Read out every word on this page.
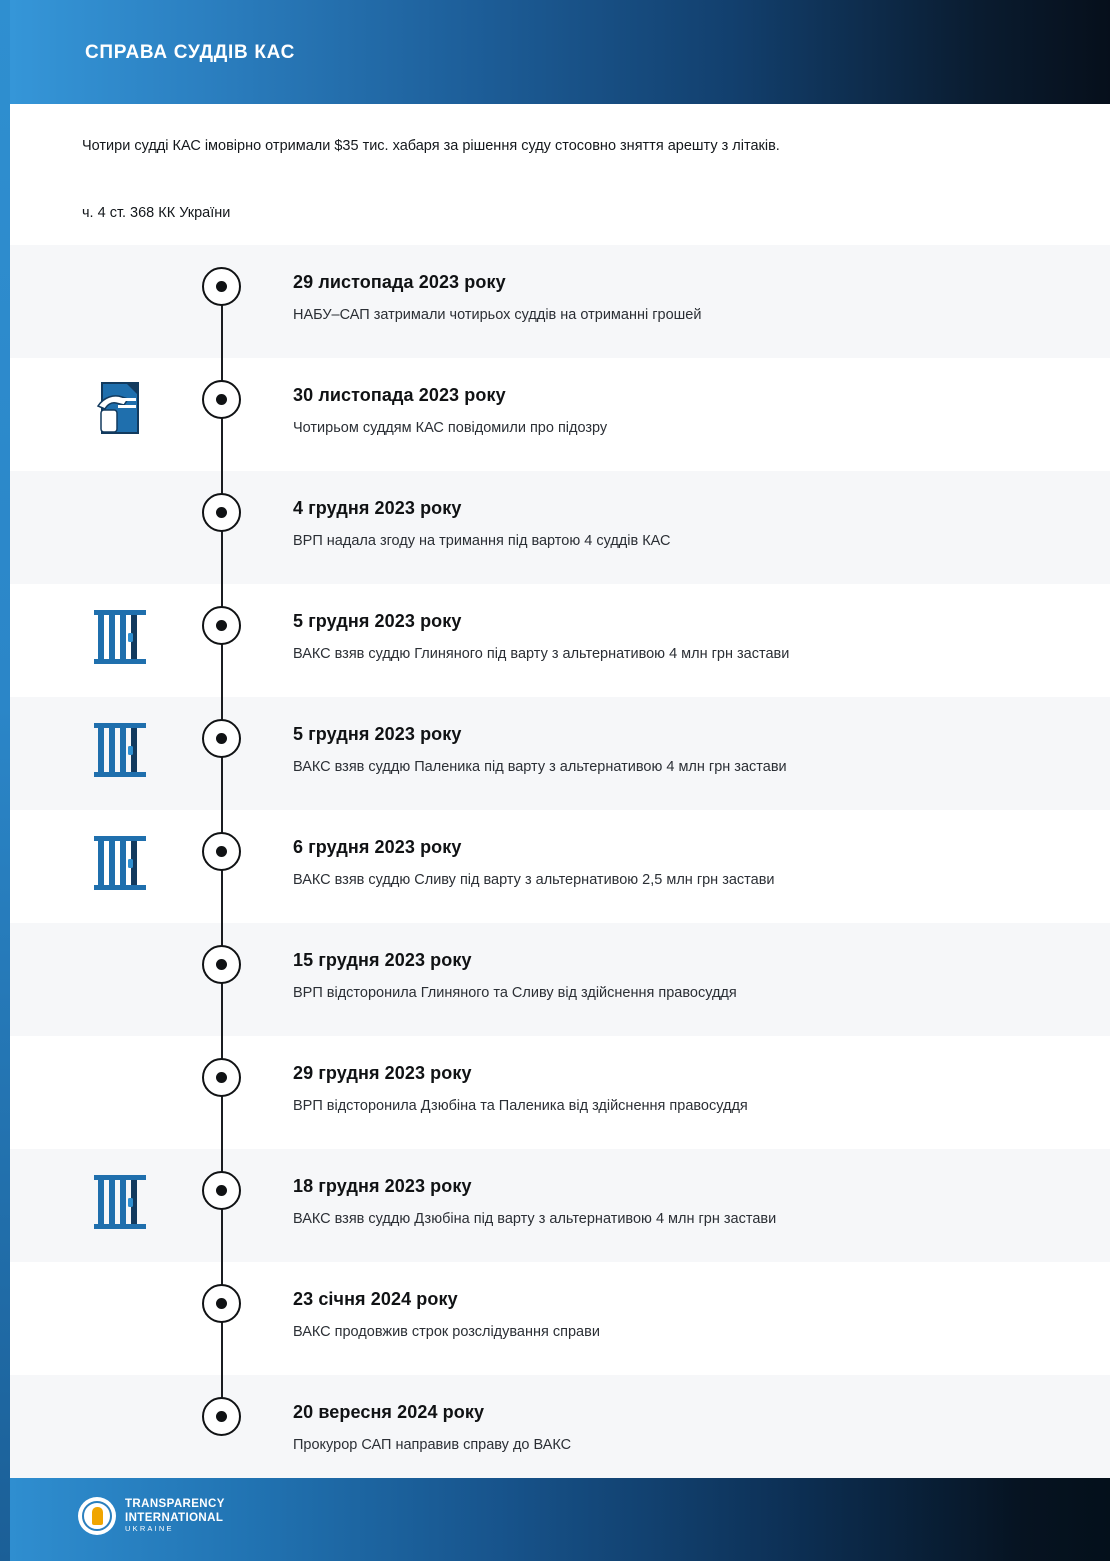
СПРАВА СУДДІВ КАС
Чотири судді КАС імовірно отримали $35 тис. хабаря за рішення суду стосовно зняття арешту з літаків.
ч. 4 ст. 368 КК України
29 листопада 2023 року
НАБУ–САП затримали чотирьох суддів на отриманні грошей
30 листопада 2023 року
Чотирьом суддям КАС повідомили про підозру
4 грудня 2023 року
ВРП надала згоду на тримання під вартою 4 суддів КАС
5 грудня 2023 року
ВАКС взяв суддю Глиняного під варту з альтернативою 4 млн грн застави
5 грудня 2023 року
ВАКС взяв суддю Паленика під варту з альтернативою 4 млн грн застави
6 грудня 2023 року
ВАКС взяв суддю Сливу під варту з альтернативою 2,5 млн грн застави
15 грудня 2023 року
ВРП відсторонила Глиняного та Сливу від здійснення правосуддя
29 грудня 2023 року
ВРП відсторонила Дзюбіна та Паленика від здійснення правосуддя
18 грудня 2023 року
ВАКС взяв суддю Дзюбіна під варту з альтернативою 4 млн грн застави
23 січня 2024 року
ВАКС продовжив строк розслідування справи
20 вересня 2024 року
Прокурор САП направив справу до ВАКС
TRANSPARENCY
INTERNATIONAL
UKRAINE
